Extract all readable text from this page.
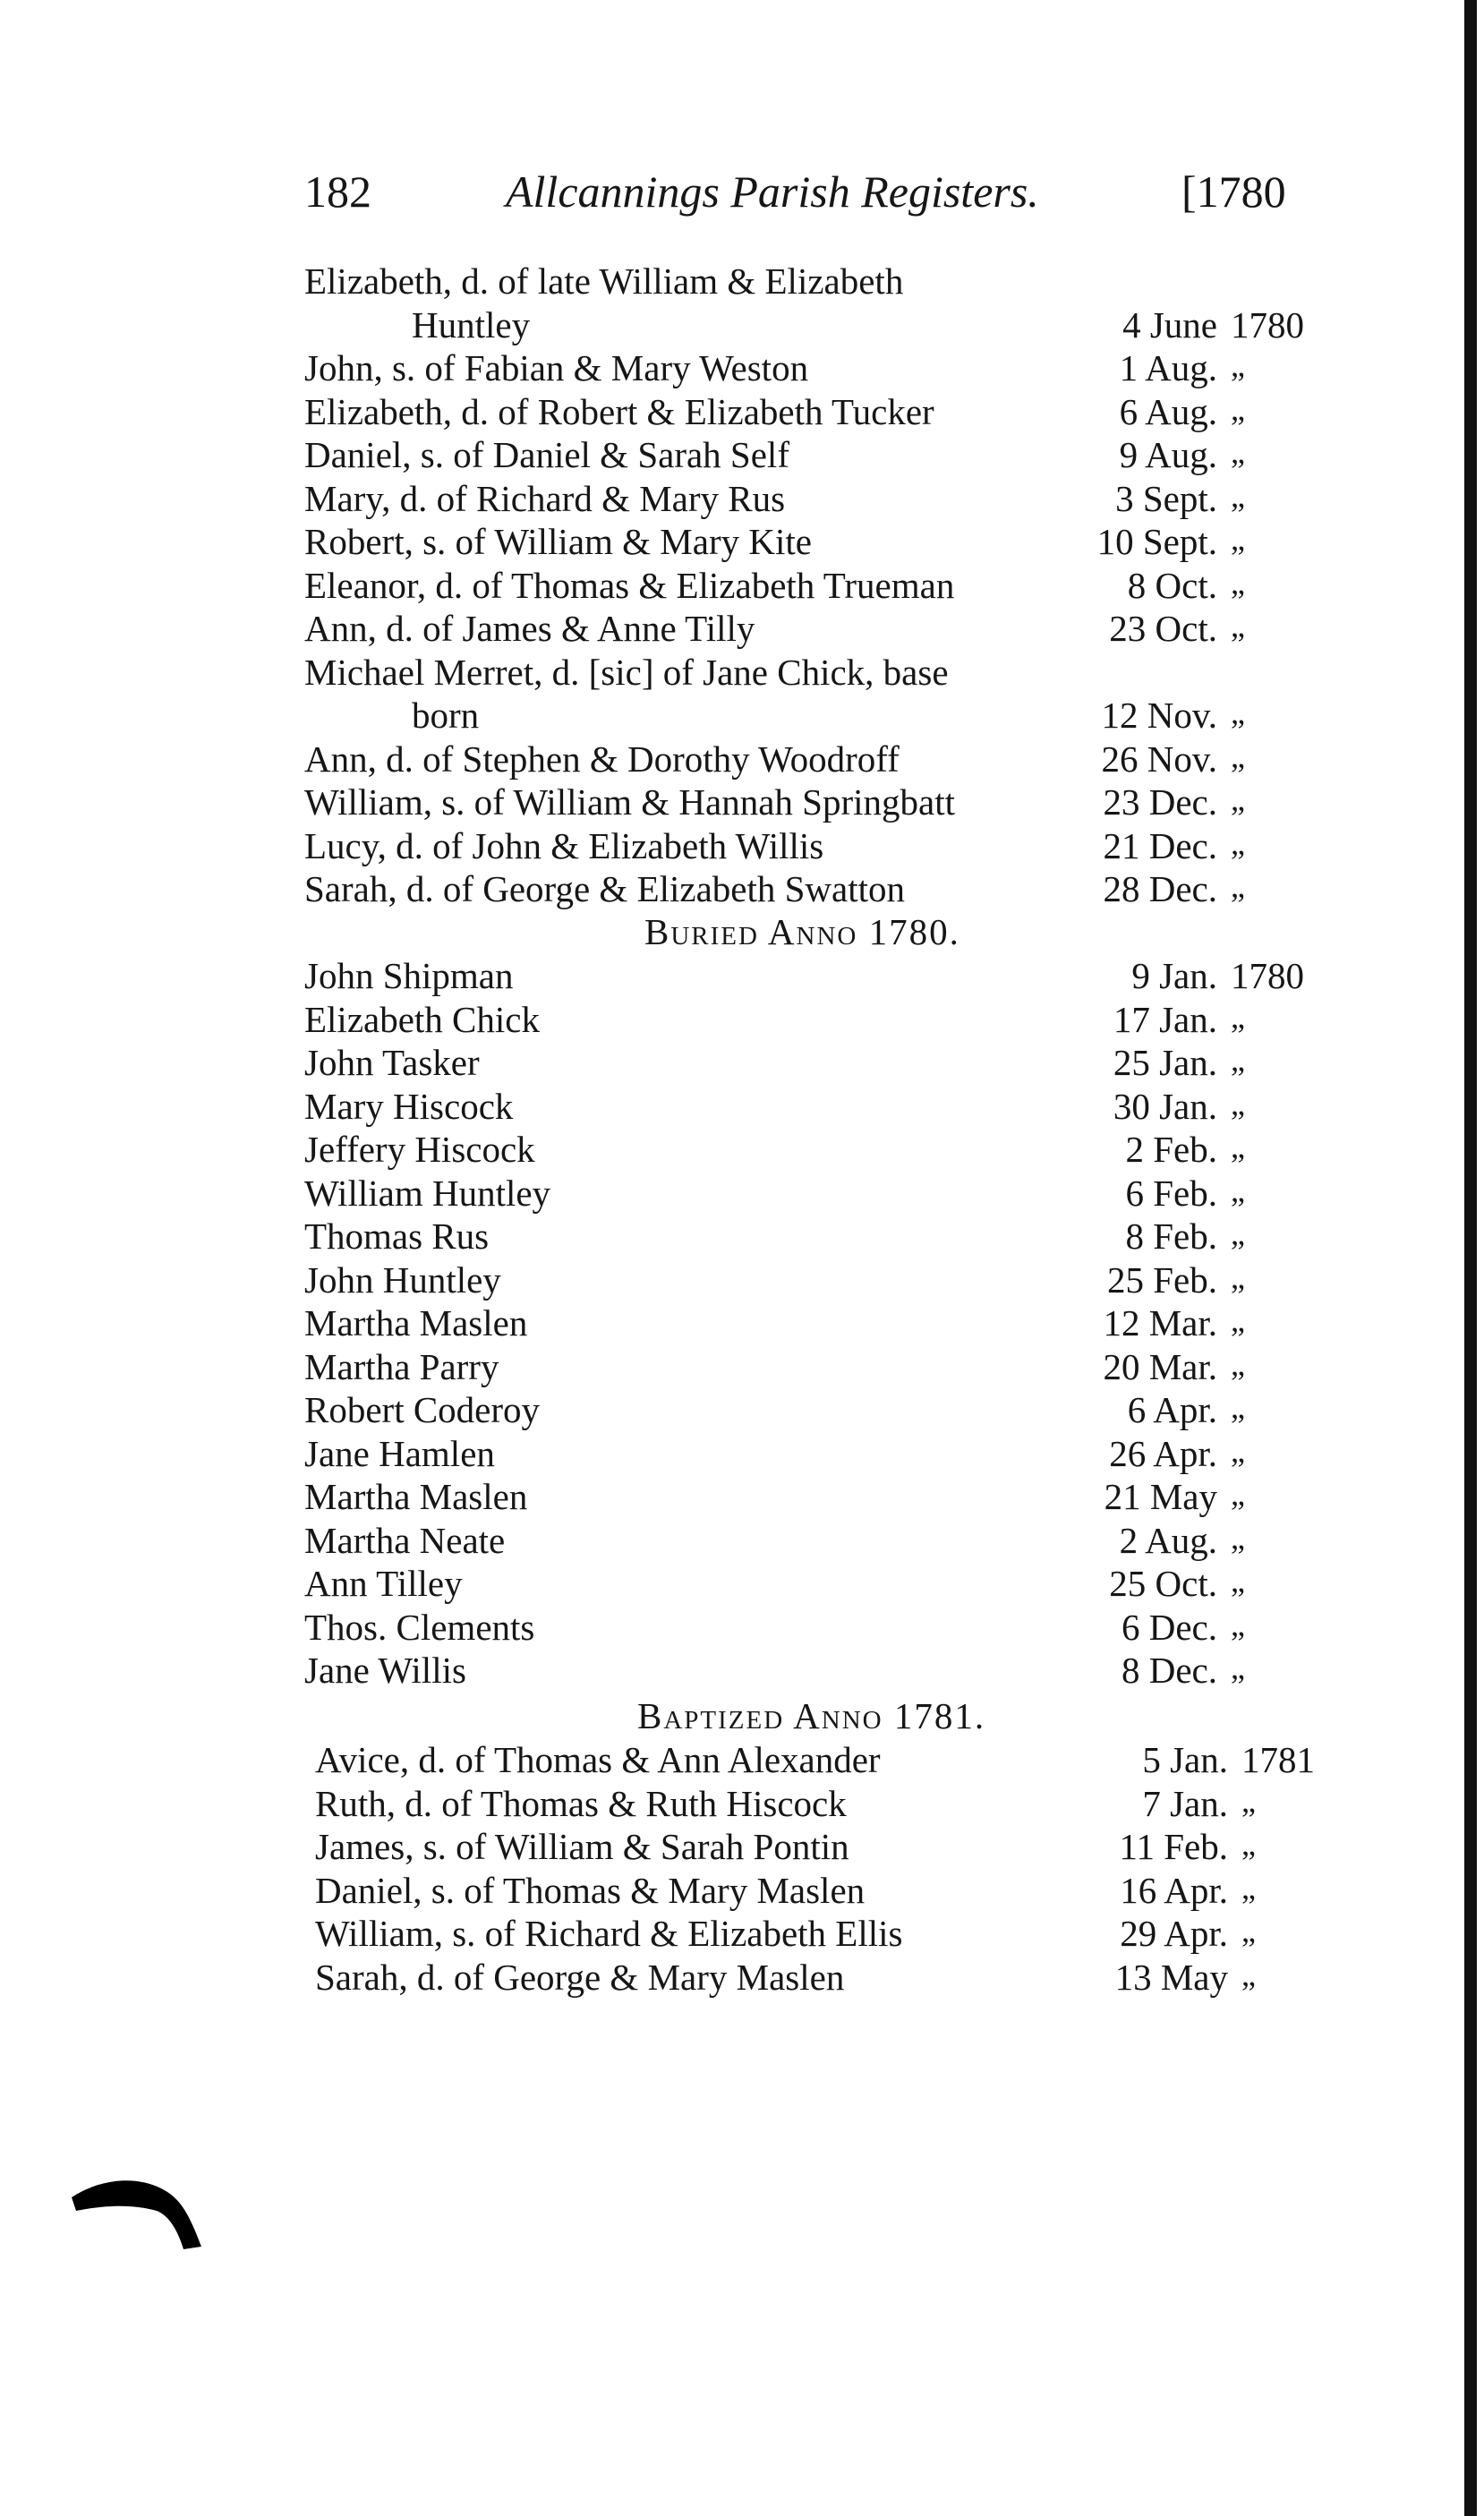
182	Allcannings Parish Registers.	[1780
Elizabeth, d. of late William & Elizabeth
Huntley	4 June 1780
John, s. of Fabian & Mary Weston	1 Aug. „
Elizabeth, d. of Robert & Elizabeth Tucker	6 Aug. „
Daniel, s. of Daniel & Sarah Self	9 Aug. „
Mary, d. of Richard & Mary Rus	3 Sept. „
Robert, s. of William & Mary Kite	10 Sept. „
Eleanor, d. of Thomas & Elizabeth Trueman	8 Oct. „
Ann, d. of James & Anne Tilly	23 Oct. „
Michael Merret, d. [sic] of Jane Chick, base
born	12 Nov. „
Ann, d. of Stephen & Dorothy Woodroff	26 Nov. „
William, s. of William & Hannah Springbatt	23 Dec. „
Lucy, d. of John & Elizabeth Willis	21 Dec. „
Sarah, d. of George & Elizabeth Swatton	28 Dec. „
Buried Anno 1780.
John Shipman	9 Jan. 1780
Elizabeth Chick	17 Jan. „
John Tasker	25 Jan. „
Mary Hiscock	30 Jan. „
Jeffery Hiscock	2 Feb. „
William Huntley	6 Feb. „
Thomas Rus	8 Feb. „
John Huntley	25 Feb. „
Martha Maslen	12 Mar. „
Martha Parry	20 Mar. „
Robert Coderoy	6 Apr. „
Jane Hamlen	26 Apr. „
Martha Maslen	21 May „
Martha Neate	2 Aug. „
Ann Tilley	25 Oct. „
Thos. Clements	6 Dec. „
Jane Willis	8 Dec. „
Baptized Anno 1781.
Avice, d. of Thomas & Ann Alexander	5 Jan. 1781
Ruth, d. of Thomas & Ruth Hiscock	7 Jan. „
James, s. of William & Sarah Pontin	11 Feb. „
Daniel, s. of Thomas & Mary Maslen	16 Apr. „
William, s. of Richard & Elizabeth Ellis	29 Apr. „
Sarah, d. of George & Mary Maslen	13 May „
